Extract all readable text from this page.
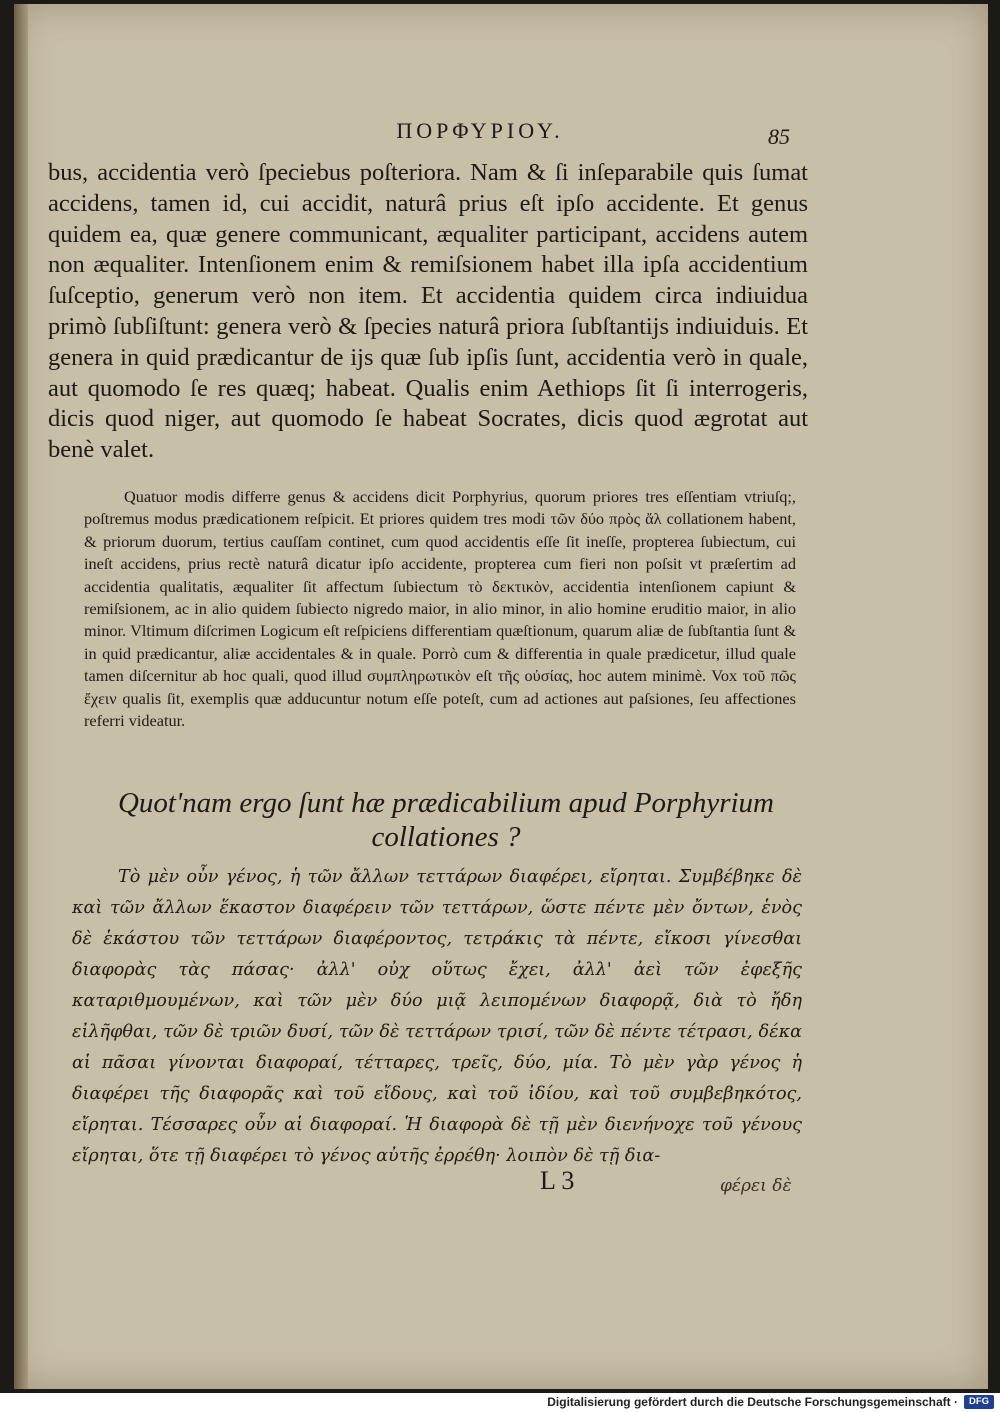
ΠΟΡΦΥΡΙΟΥ.	85
bus, accidentia verò ſpeciebus poſteriora. Nam & ſi inſeparabile quis ſumat accidens, tamen id, cui accidit, naturâ prius eſt ipſo accidente. Et genus quidem ea, quæ genere communicant, æqualiter participant, accidens autem non æqualiter. Intenſionem enim & remiſsionem habet illa ipſa accidentium ſuſceptio, generum verò non item. Et accidentia quidem circa indiuidua primò ſubſiſtunt: genera verò & ſpecies naturâ priora ſubſtantijs indiuiduis. Et genera in quid prædicantur de ijs quæ ſub ipſis ſunt, accidentia verò in quale, aut quomodo ſe res quæq; habeat. Qualis enim Aethiops ſit ſi interrogeris, dicis quod niger, aut quomodo ſe habeat Socrates, dicis quod ægrotat aut benè valet.
Quatuor modis differre genus & accidens dicit Porphyrius, quorum priores tres eſſentiam vtriuſq;, poſtremus modus prædicationem reſpicit. Et priores quidem tres modi τῶν δύο πρὸς ἄλ collationem habent, & priorum duorum, tertius cauſſam continet, cum quod accidentis eſſe ſit ineſſe, propterea ſubiectum, cui ineſt accidens, prius rectè naturâ dicatur ipſo accidente, propterea cum fieri non poſsit vt præſertim ad accidentia qualitatis, æqualiter ſit affectum ſubiectum τὸ δεκτικὸν, accidentia intenſionem capiunt & remiſsionem, ac in alio quidem ſubiecto nigredo maior, in alio minor, in alio homine eruditio maior, in alio minor. Vltimum diſcrimen Logicum eſt reſpiciens differentiam quæſtionum, quarum aliæ de ſubſtantia ſunt & in quid prædicantur, aliæ accidentales & in quale. Porrò cum & differentia in quale prædicetur, illud quale tamen diſcernitur ab hoc quali, quod illud συμπληρωτικὸν eſt τῆς οὐσίας, hoc autem minimè. Vox τοῦ πῶς ἔχειν qualis ſit, exemplis quæ adducuntur notum eſſe poteſt, cum ad actiones aut paſsiones, ſeu affectiones referri videatur.
Quot'nam ergo ſunt hæ prædicabilium apud Porphyrium collationes ?
Τὸ μὲν οὖν γένος, ἡ τῶν ἄλλων τεττάρων διαφέρει, εἴρηται. Συμβέβηκε δὲ καὶ τῶν ἄλλων ἕκαστον διαφέρειν τῶν τεττάρων, ὥστε πέντε μὲν ὄντων, ἑνὸς δὲ ἑκάστου τῶν τεττάρων διαφέροντος, τετράκις τὰ πέντε, εἴκοσι γίνεσθαι διαφορὰς τὰς πάσας· ἀλλ' οὐχ οὕτως ἔχει, ἀλλ' ἀεὶ τῶν ἐφεξῆς καταριθμουμένων, καὶ τῶν μὲν δύο μιᾷ λειπομένων διαφορᾷ, διὰ τὸ ἤδη εἰλῆφθαι, τῶν δὲ τριῶν δυσί, τῶν δὲ τεττάρων τρισί, τῶν δὲ πέντε τέτρασι, δέκα αἱ πᾶσαι γίνονται διαφοραί, τέτταρες, τρεῖς, δύο, μία. Τὸ μὲν γὰρ γένος ἡ διαφέρει τῆς διαφορᾶς καὶ τοῦ εἴδους, καὶ τοῦ ἰδίου, καὶ τοῦ συμβεβηκότος, εἴρηται. Τέσσαρες οὖν αἱ διαφοραί. Ἡ διαφορὰ δὲ τῇ μὲν διενήνοχε τοῦ γένους εἴρηται, ὅτε τῇ διαφέρει τὸ γένος αὐτῆς ἐρρέθη· λοιπὸν δὲ τῇ δια-
L 3	φέρει δὲ
Digitalisierung gefördert durch die Deutsche Forschungsgemeinschaft ·	DFG
